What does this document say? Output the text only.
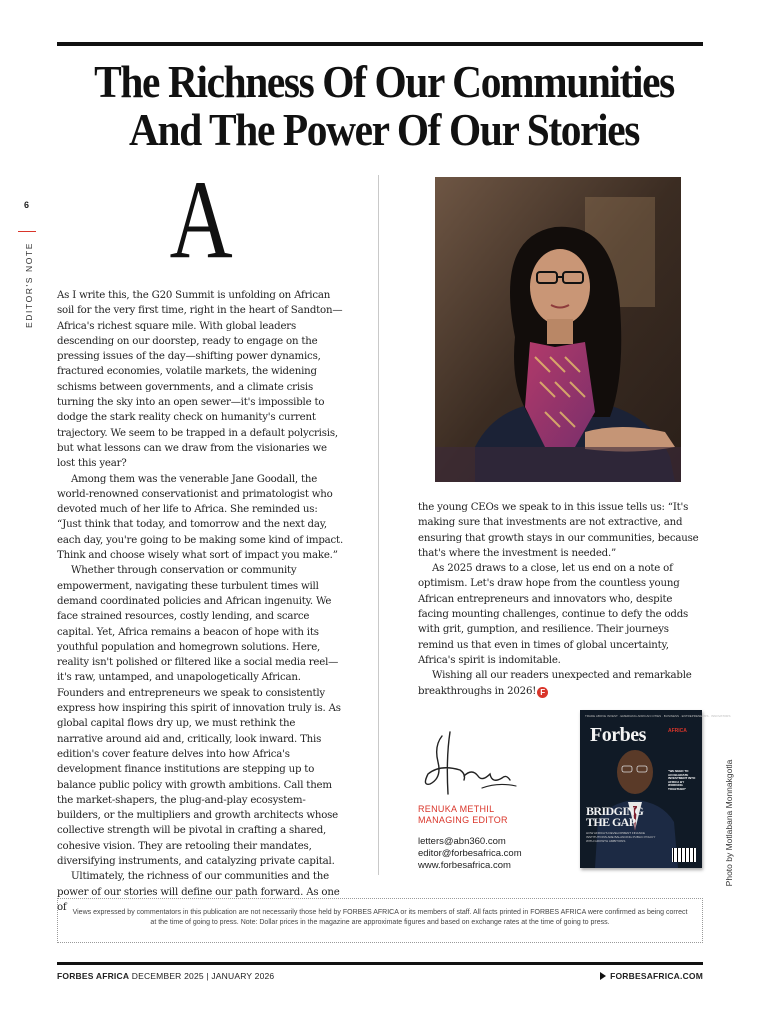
The Richness Of Our Communities
And The Power Of Our Stories
6
EDITOR'S NOTE
A

As I write this, the G20 Summit is unfolding on African soil for the very first time, right in the heart of Sandton—Africa's richest square mile. With global leaders descending on our doorstep, ready to engage on the pressing issues of the day—shifting power dynamics, fractured economies, volatile markets, the widening schisms between governments, and a climate crisis turning the sky into an open sewer—it's impossible to dodge the stark reality check on humanity's current trajectory. We seem to be trapped in a default polycrisis, but what lessons can we draw from the visionaries we lost this year?

Among them was the venerable Jane Goodall, the world-renowned conservationist and primatologist who devoted much of her life to Africa. She reminded us: “Just think that today, and tomorrow and the next day, each day, you're going to be making some kind of impact. Think and choose wisely what sort of impact you make.”

Whether through conservation or community empowerment, navigating these turbulent times will demand coordinated policies and African ingenuity. We face strained resources, costly lending, and scarce capital. Yet, Africa remains a beacon of hope with its youthful population and homegrown solutions. Here, reality isn't polished or filtered like a social media reel—it's raw, untamped, and unapologetically African. Founders and entrepreneurs we speak to consistently express how inspiring this spirit of innovation truly is. As global capital flows dry up, we must rethink the narrative around aid and, critically, look inward. This edition's cover feature delves into how Africa's development finance institutions are stepping up to balance public policy with growth ambitions. Call them the market-shapers, the plug-and-play ecosystem-builders, or the multipliers and growth architects whose collective strength will be pivotal in crafting a shared, cohesive vision. They are retooling their mandates, diversifying instruments, and catalyzing private capital.

Ultimately, the richness of our communities and the power of our stories will define our path forward. As one of

the young CEOs we speak to in this issue tells us: “It's making sure that investments are not extractive, and ensuring that growth stays in our communities, because that's where the investment is needed.”

As 2025 draws to a close, let us end on a note of optimism. Let's draw hope from the countless young African entrepreneurs and innovators who, despite facing mounting challenges, continue to defy the odds with grit, gumption, and resilience. Their journeys remind us that even in times of global uncertainty, Africa's spirit is indomitable.

Wishing all our readers unexpected and remarkable breakthroughs in 2026! F

RENUKA METHIL
MANAGING EDITOR
letters@abn360.com
editor@forbesafrica.com
www.forbesafrica.com
TRADE ABOVE INVEST · EMERGING AFRICAN CITIES · BUSINESS · ENTREPRENEURS · INNOVATORS
Forbes	AFRICA
“WE NEED TO ACCELERATE INVESTMENT INTO AFRICA BY WORKING TOGETHER”
BRIDGING THE GAP
HOW AFRICA'S DEVELOPMENT FINANCE INSTITUTIONS ARE BALANCING PUBLIC POLICY WITH GROWTH AMBITIONS	Photo by Motlabana Monnakgotla
Views expressed by commentators in this publication are not necessarily those held by FORBES AFRICA or its members of staff. All facts printed in FORBES AFRICA were confirmed as being correct at the time of going to press. Note: Dollar prices in the magazine are approximate figures and based on exchange rates at the time of going to press.
FORBES AFRICA DECEMBER 2025 | JANUARY 2026	FORBESAFRICA.COM
